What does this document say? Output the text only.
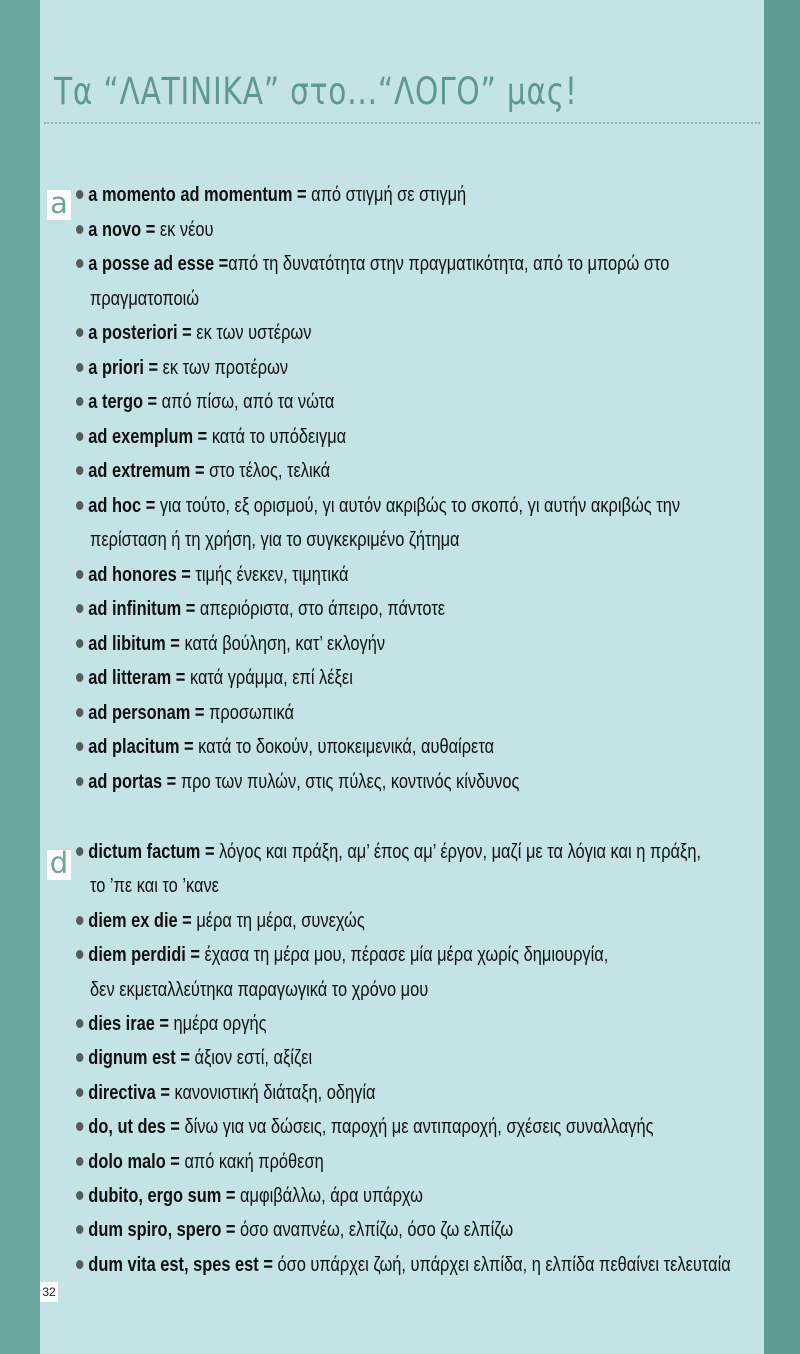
Τα “ΛΑΤΙΝΙΚΑ” στο...“ΛΟΓΟ” μας!
a
d
a momento ad momentum = από στιγμή σε στιγμή
a novo = εκ νέου
a posse ad esse =από τη δυνατότητα στην πραγματικότητα, από το μπορώ στο
πραγματοποιώ
a posteriori = εκ των υστέρων
a priori = εκ των προτέρων
a tergo = από πίσω, από τα νώτα
ad exemplum = κατά το υπόδειγμα
ad extremum = στο τέλος, τελικά
ad hoc = για τούτο, εξ ορισμού, γι αυτόν ακριβώς το σκοπό, γι αυτήν ακριβώς την
περίσταση ή τη χρήση, για το συγκεκριμένο ζήτημα
ad honores = τιμής ένεκεν, τιμητικά
ad infinitum = απεριόριστα, στο άπειρο, πάντοτε
ad libitum = κατά βούληση, κατ’ εκλογήν
ad litteram = κατά γράμμα, επί λέξει
ad personam = προσωπικά
ad placitum = κατά το δοκούν, υποκειμενικά, αυθαίρετα
ad portas = προ των πυλών, στις πύλες, κοντινός κίνδυνος
dictum factum = λόγος και πράξη, αμ’ έπος αμ’ έργον, μαζί με τα λόγια και η πράξη,
το ’πε και το ’κανε
diem ex die = μέρα τη μέρα, συνεχώς
diem perdidi = έχασα τη μέρα μου, πέρασε μία μέρα χωρίς δημιουργία,
δεν εκμεταλλεύτηκα παραγωγικά το χρόνο μου
dies irae = ημέρα οργής
dignum est = άξιον εστί, αξίζει
directiva = κανονιστική διάταξη, οδηγία
do, ut des = δίνω για να δώσεις, παροχή με αντιπαροχή, σχέσεις συναλλαγής
dolo malo = από κακή πρόθεση
dubito, ergo sum = αμφιβάλλω, άρα υπάρχω
dum spiro, spero = όσο αναπνέω, ελπίζω, όσο ζω ελπίζω
dum vita est, spes est = όσο υπάρχει ζωή, υπάρχει ελπίδα, η ελπίδα πεθαίνει τελευταία
32
